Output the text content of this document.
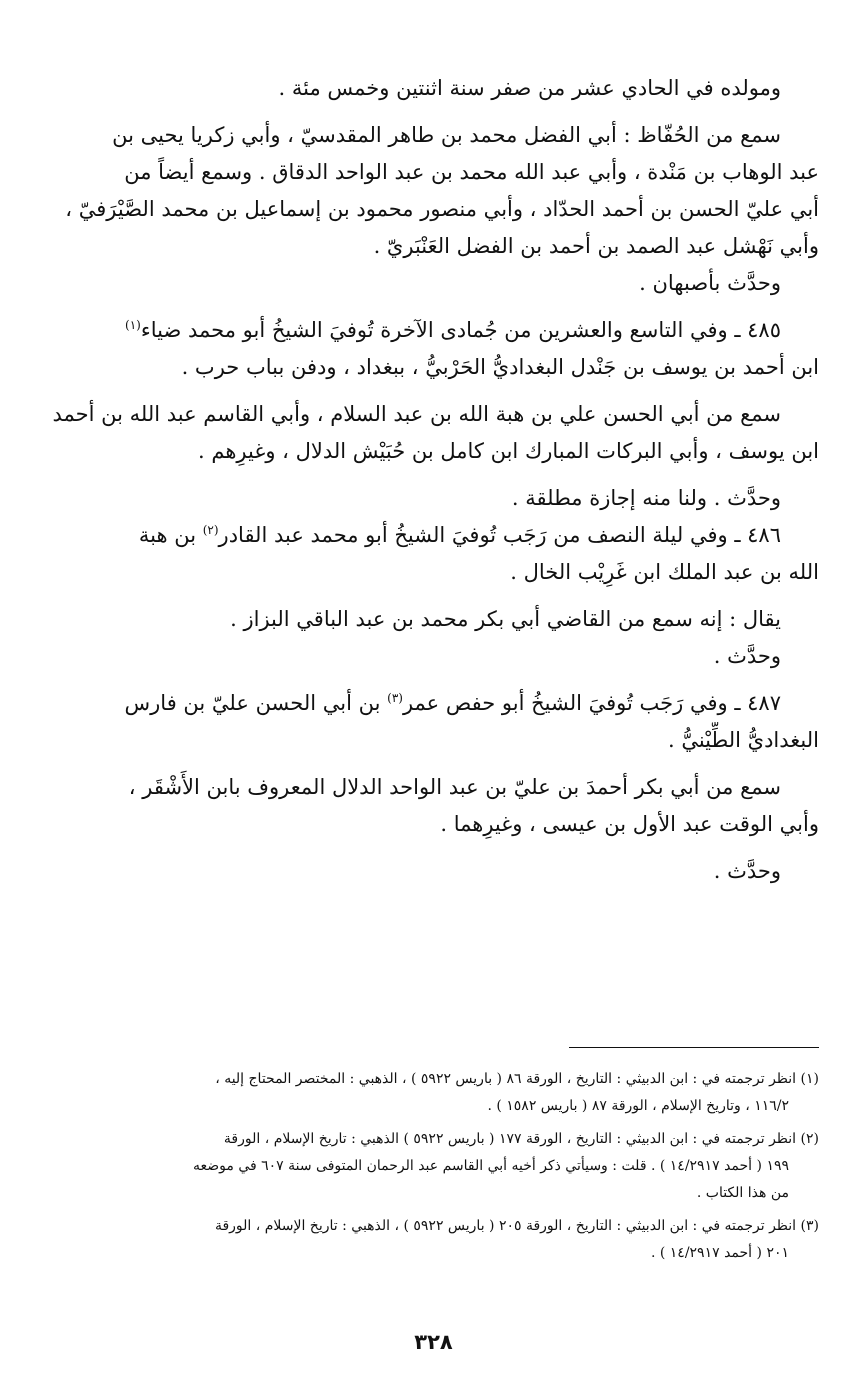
ومولده في الحادي عشر من صفر سنة اثنتين وخمس مئة .
سمع من الحُفّاظ : أبي الفضل محمد بن طاهر المقدسيّ ، وأبي زكريا يحيى بن
عبد الوهاب بن مَنْدة ، وأبي عبد الله محمد بن عبد الواحد الدقاق . وسمع أيضاً من
أبي عليّ الحسن بن أحمد الحدّاد ، وأبي منصور محمود بن إسماعيل بن محمد الصَّيْرَفيّ ،
وأبي نَهْشل عبد الصمد بن أحمد بن الفضل العَنْبَريّ .
وحدَّث بأصبهان .
٤٨٥ ـ وفي التاسع والعشرين من جُمادى الآخرة تُوفيَ الشيخُ أبو محمد ضياء$^{(١)}$
ابن أحمد بن يوسف بن جَنْدل البغداديُّ الحَرْبيُّ ، ببغداد ، ودفن بباب حرب .
سمع من أبي الحسن علي بن هبة الله بن عبد السلام ، وأبي القاسم عبد الله بن أحمد
ابن يوسف ، وأبي البركات المبارك ابن كامل بن حُبَيْش الدلال ، وغيرِهم .
وحدَّث . ولنا منه إجازة مطلقة .
٤٨٦ ـ وفي ليلة النصف من رَجَب تُوفيَ الشيخُ أبو محمد عبد القادر$^{(٢)}$ بن هبة
الله بن عبد الملك ابن غَرِيْب الخال .
يقال : إنه سمع من القاضي أبي بكر محمد بن عبد الباقي البزاز .
وحدَّث .
٤٨٧ ـ وفي رَجَب تُوفيَ الشيخُ أبو حفص عمر$^{(٣)}$ بن أبي الحسن عليّ بن فارس
البغداديُّ الطِّيْنيُّ .
سمع من أبي بكر أحمدَ بن عليّ بن عبد الواحد الدلال المعروف بابن الأَشْقَر ،
وأبي الوقت عبد الأول بن عيسى ، وغيرِهما .
وحدَّث .
(١) انظر ترجمته في : ابن الدبيثي : التاريخ ، الورقة ٨٦ ( باريس ٥٩٢٢ ) ، الذهبي : المختصر المحتاج إليه ،
١١٦/٢ ، وتاريخ الإسلام ، الورقة ٨٧ ( باريس ١٥٨٢ ) .
(٢) انظر ترجمته في : ابن الدبيثي : التاريخ ، الورقة ١٧٧ ( باريس ٥٩٢٢ ) الذهبي : تاريخ الإسلام ، الورقة
١٩٩ ( أحمد ١٤/٢٩١٧ ) . قلت : وسيأتي ذكر أخيه أبي القاسم عبد الرحمان المتوفى سنة ٦٠٧ في موضعه
من هذا الكتاب .
(٣) انظر ترجمته في : ابن الدبيثي : التاريخ ، الورقة ٢٠٥ ( باريس ٥٩٢٢ ) ، الذهبي : تاريخ الإسلام ، الورقة
٢٠١ ( أحمد ١٤/٢٩١٧ ) .
٣٢٨
